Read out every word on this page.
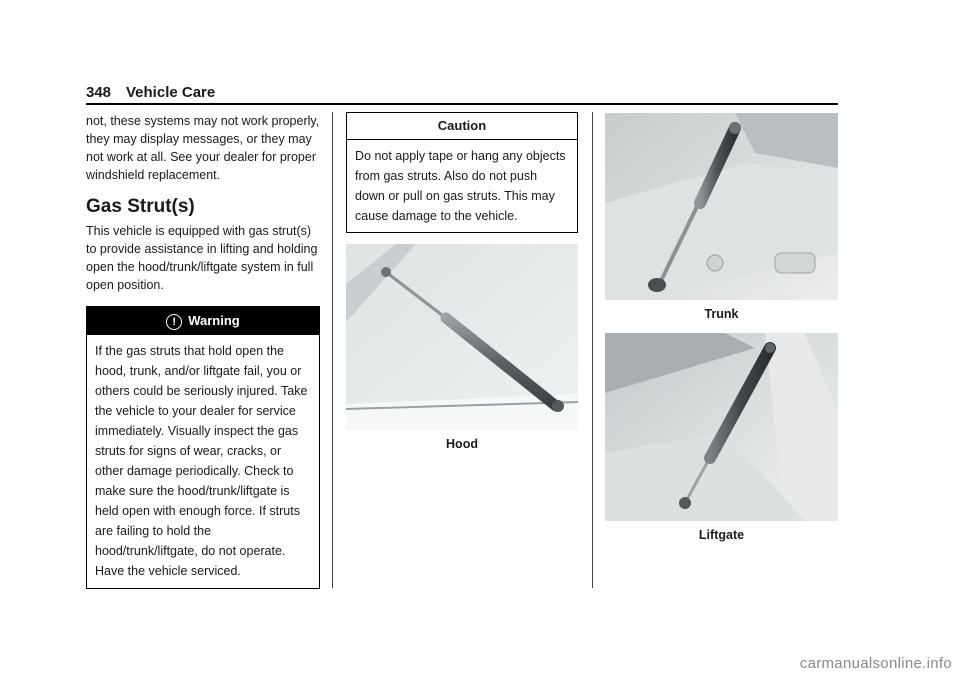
348 Vehicle Care

not, these systems may not work properly, they may display messages, or they may not work at all. See your dealer for proper windshield replacement.

Gas Strut(s)

This vehicle is equipped with gas strut(s) to provide assistance in lifting and holding open the hood/trunk/liftgate system in full open position.

! Warning
If the gas struts that hold open the hood, trunk, and/or liftgate fail, you or others could be seriously injured. Take the vehicle to your dealer for service immediately. Visually inspect the gas struts for signs of wear, cracks, or other damage periodically. Check to make sure the hood/trunk/liftgate is held open with enough force. If struts are failing to hold the hood/trunk/liftgate, do not operate. Have the vehicle serviced.
Caution
Do not apply tape or hang any objects from gas struts. Also do not push down or pull on gas struts. This may cause damage to the vehicle.

Hood
Trunk
Liftgate
carmanualsonline.info
